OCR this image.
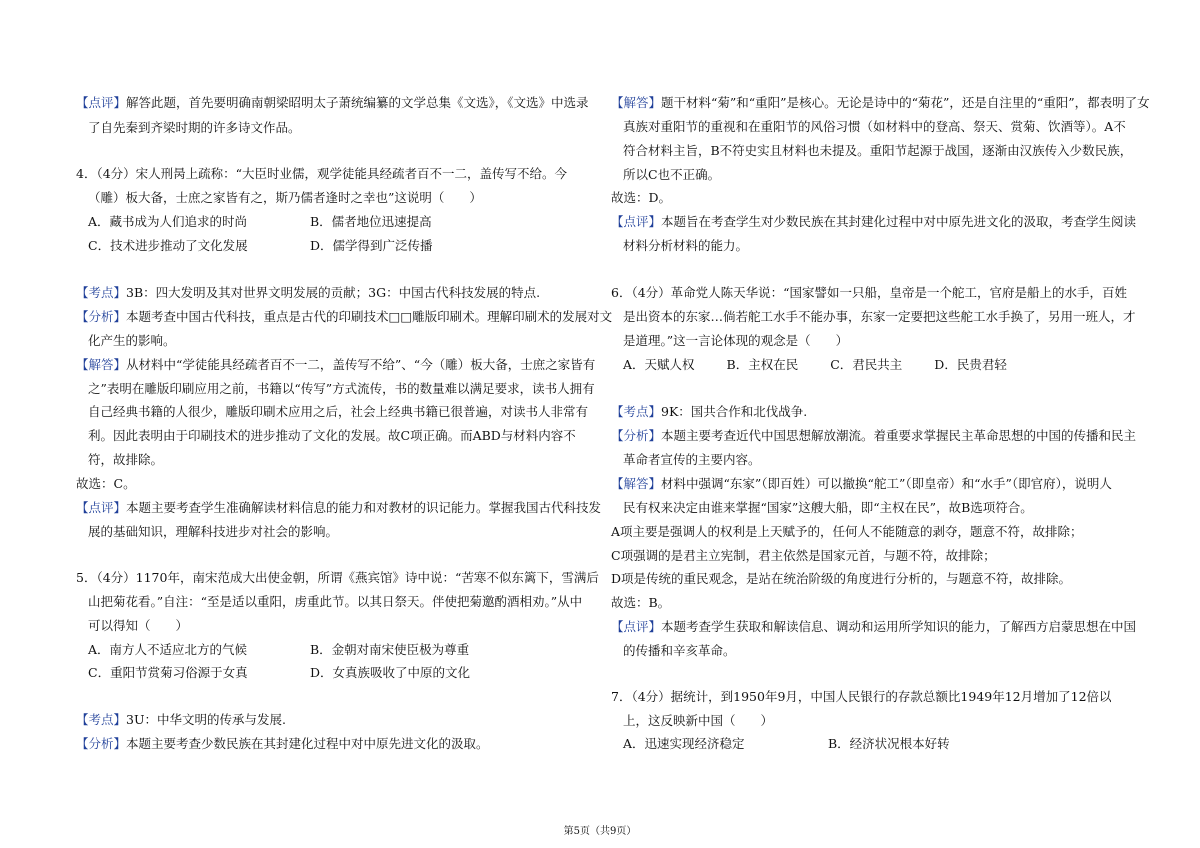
【点评】解答此题，首先要明确南朝梁昭明太子萧统编纂的文学总集《文选》，《文选》中选录
了自先秦到齐梁时期的许多诗文作品。
4．（4分）宋人刑昺上疏称：“大臣时业儒，观学徒能具经疏者百不一二，盖传写不给。今
（雕）板大备，士庶之家皆有之，斯乃儒者逢时之幸也”这说明（　　）
A．藏书成为人们追求的时尚	B．儒者地位迅速提高
C．技术进步推动了文化发展	D．儒学得到广泛传播
【考点】3B：四大发明及其对世界文明发展的贡献；3G：中国古代科技发展的特点.
【分析】本题考查中国古代科技，重点是古代的印刷技术□□雕版印刷术。理解印刷术的发展对文
化产生的影响。
【解答】从材料中“学徒能具经疏者百不一二，盖传写不给”、“今（雕）板大备，士庶之家皆有
之”表明在雕版印刷应用之前，书籍以“传写”方式流传，书的数量难以满足要求，读书人拥有
自己经典书籍的人很少，雕版印刷术应用之后，社会上经典书籍已很普遍，对读书人非常有
利。因此表明由于印刷技术的进步推动了文化的发展。故C项正确。而ABD与材料内容不
符，故排除。
故选：C。
【点评】本题主要考查学生准确解读材料信息的能力和对教材的识记能力。掌握我国古代科技发
展的基础知识，理解科技进步对社会的影响。
5．（4分）1170年，南宋范成大出使金朝，所谓《燕宾馆》诗中说：“苦寒不似东篱下，雪满后
山把菊花看。”自注：“至是适以重阳，虏重此节。以其日祭天。伴使把菊邀酌酒相劝。”从中
可以得知（　　）
A．南方人不适应北方的气候	B．金朝对南宋使臣极为尊重
C．重阳节赏菊习俗源于女真	D．女真族吸收了中原的文化
【考点】3U：中华文明的传承与发展.
【分析】本题主要考查少数民族在其封建化过程中对中原先进文化的汲取。
【解答】题干材料“菊”和“重阳”是核心。无论是诗中的“菊花”，还是自注里的“重阳”，都表明了女
真族对重阳节的重视和在重阳节的风俗习惯（如材料中的登高、祭天、赏菊、饮酒等）。A不
符合材料主旨，B不符史实且材料也未提及。重阳节起源于战国，逐渐由汉族传入少数民族，
所以C也不正确。
故选：D。
【点评】本题旨在考查学生对少数民族在其封建化过程中对中原先进文化的汲取，考查学生阅读
材料分析材料的能力。
6．（4分）革命党人陈天华说：“国家譬如一只船，皇帝是一个舵工，官府是船上的水手，百姓
是出资本的东家…倘若舵工水手不能办事，东家一定要把这些舵工水手换了，另用一班人，才
是道理。”这一言论体现的观念是（　　）
A．天赋人权	B．主权在民	C．君民共主	D．民贵君轻
【考点】9K：国共合作和北伐战争.
【分析】本题主要考查近代中国思想解放潮流。着重要求掌握民主革命思想的中国的传播和民主
革命者宣传的主要内容。
【解答】材料中强调“东家”（即百姓）可以撤换“舵工”（即皇帝）和“水手”（即官府），说明人
民有权来决定由谁来掌握“国家”这艘大船，即“主权在民”，故B选项符合。
A项主要是强调人的权利是上天赋予的，任何人不能随意的剥夺，题意不符，故排除；
C项强调的是君主立宪制，君主依然是国家元首，与题不符，故排除；
D项是传统的重民观念，是站在统治阶级的角度进行分析的，与题意不符，故排除。
故选：B。
【点评】本题考查学生获取和解读信息、调动和运用所学知识的能力，了解西方启蒙思想在中国
的传播和辛亥革命。
7．（4分）据统计，到1950年9月，中国人民银行的存款总额比1949年12月增加了12倍以
上，这反映新中国（　　）
A．迅速实现经济稳定	B．经济状况根本好转
第5页（共9页）
